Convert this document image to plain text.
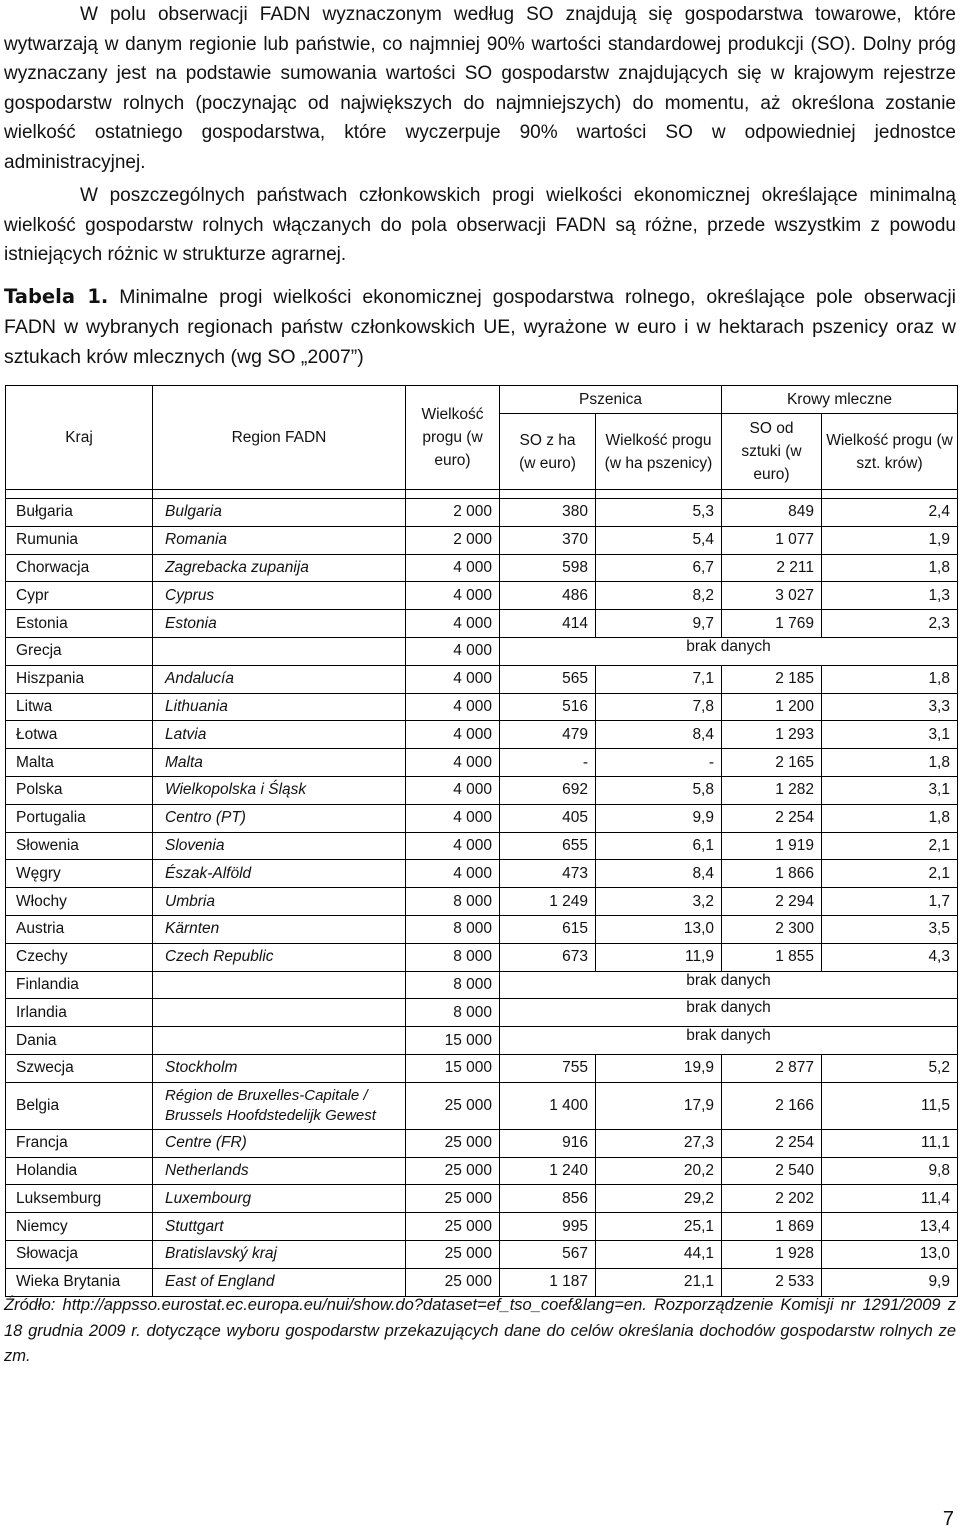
W polu obserwacji FADN wyznaczonym według SO znajdują się gospodarstwa towarowe, które wytwarzają w danym regionie lub państwie, co najmniej 90% wartości standardowej produkcji (SO). Dolny próg wyznaczany jest na podstawie sumowania wartości SO gospodarstw znajdujących się w krajowym rejestrze gospodarstw rolnych (poczynając od największych do najmniejszych) do momentu, aż określona zostanie wielkość ostatniego gospodarstwa, które wyczerpuje 90% wartości SO w odpowiedniej jednostce administracyjnej.

W poszczególnych państwach członkowskich progi wielkości ekonomicznej określające minimalną wielkość gospodarstw rolnych włączanych do pola obserwacji FADN są różne, przede wszystkim z powodu istniejących różnic w strukturze agrarnej.

Tabela 1. Minimalne progi wielkości ekonomicznej gospodarstwa rolnego, określające pole obserwacji FADN w wybranych regionach państw członkowskich UE, wyrażone w euro i w hektarach pszenicy oraz w sztukach krów mlecznych (wg SO „2007”)

Kraj	Region FADN	Wielkość progu (w euro)	Pszenica		Krowy mleczne	
			SO z ha (w euro)	Wielkość progu (w ha pszenicy)	SO od sztuki (w euro)	Wielkość progu (w szt. krów)

Bułgaria	Bulgaria	2 000	380	5,3	849	2,4
Rumunia	Romania	2 000	370	5,4	1 077	1,9
Chorwacja	Zagrebacka zupanija	4 000	598	6,7	2 211	1,8
Cypr	Cyprus	4 000	486	8,2	3 027	1,3
Estonia	Estonia	4 000	414	9,7	1 769	2,3
Grecja		4 000	brak danych			
Hiszpania	Andalucía	4 000	565	7,1	2 185	1,8
Litwa	Lithuania	4 000	516	7,8	1 200	3,3
Łotwa	Latvia	4 000	479	8,4	1 293	3,1
Malta	Malta	4 000	-	-	2 165	1,8
Polska	Wielkopolska i Śląsk	4 000	692	5,8	1 282	3,1
Portugalia	Centro (PT)	4 000	405	9,9	2 254	1,8
Słowenia	Slovenia	4 000	655	6,1	1 919	2,1
Węgry	Észak-Alföld	4 000	473	8,4	1 866	2,1
Włochy	Umbria	8 000	1 249	3,2	2 294	1,7
Austria	Kärnten	8 000	615	13,0	2 300	3,5
Czechy	Czech Republic	8 000	673	11,9	1 855	4,3
Finlandia		8 000	brak danych			
Irlandia		8 000	brak danych			
Dania		15 000	brak danych			
Szwecja	Stockholm	15 000	755	19,9	2 877	5,2
Belgia	Région de Bruxelles-Capitale / Brussels Hoofdstedelijk Gewest	25 000	1 400	17,9	2 166	11,5
Francja	Centre (FR)	25 000	916	27,3	2 254	11,1
Holandia	Netherlands	25 000	1 240	20,2	2 540	9,8
Luksemburg	Luxembourg	25 000	856	29,2	2 202	11,4
Niemcy	Stuttgart	25 000	995	25,1	1 869	13,4
Słowacja	Bratislavský kraj	25 000	567	44,1	1 928	13,0
Wieka Brytania	East of England	25 000	1 187	21,1	2 533	9,9

Źródło: http://appsso.eurostat.ec.europa.eu/nui/show.do?dataset=ef_tso_coef&lang=en. Rozporządzenie Komisji nr 1291/2009 z 18 grudnia 2009 r. dotyczące wyboru gospodarstw przekazujących dane do celów określania dochodów gospodarstw rolnych ze zm.

7
